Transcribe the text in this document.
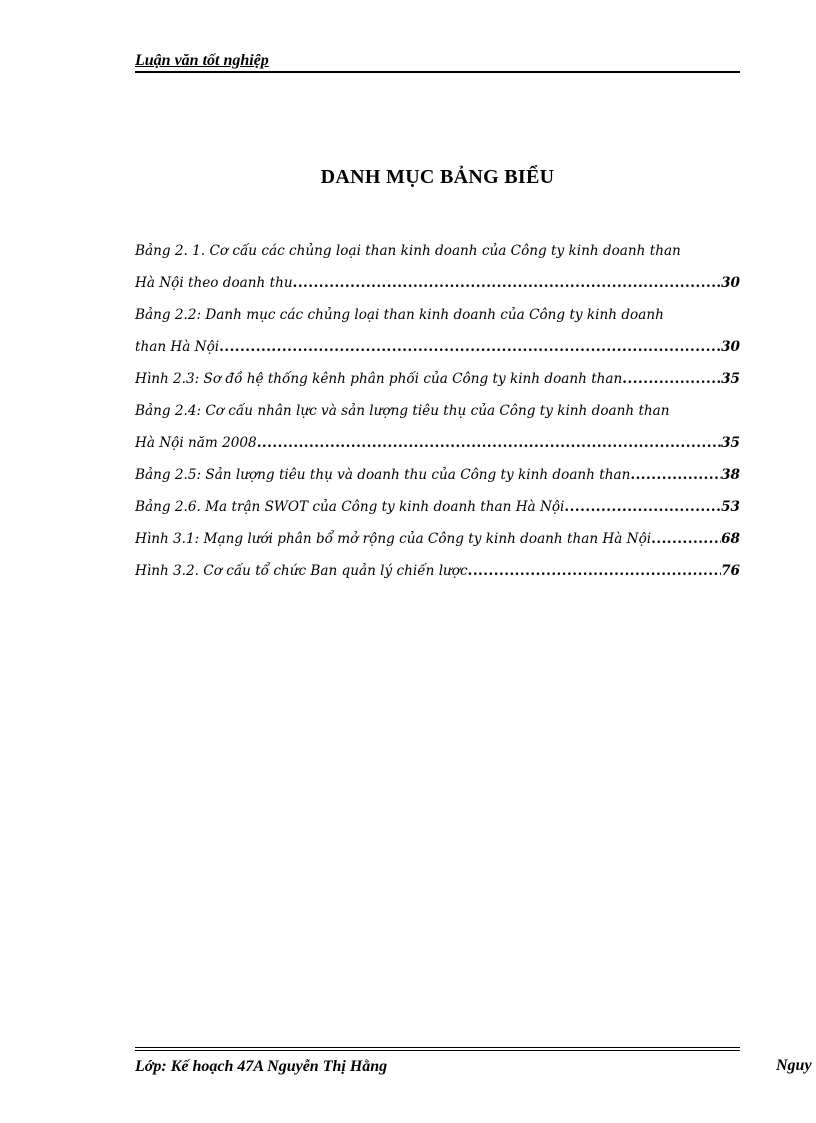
Luận văn tốt nghiệp
DANH MỤC BẢNG BIỂU
Bảng 2. 1. Cơ cấu các chủng loại than kinh doanh của Công ty kinh doanh than
Hà Nội theo doanh thu .....	30
Bảng 2.2: Danh mục các chủng loại than kinh doanh của Công ty kinh doanh
than Hà Nội .....	30
Hình 2.3: Sơ đồ hệ thống kênh phân phối của Công ty kinh doanh than .....	35
Bảng 2.4: Cơ cấu nhân lực và sản lượng tiêu thụ của Công ty kinh doanh than
Hà Nội năm 2008 .....	35
Bảng 2.5: Sản lượng tiêu thụ và doanh thu của Công ty kinh doanh than .....	38
Bảng 2.6. Ma trận SWOT của Công ty kinh doanh than Hà Nội .....	53
Hình 3.1: Mạng lưới phân bổ mở rộng của Công ty kinh doanh than Hà Nội .....	68
Hình 3.2. Cơ cấu tổ chức Ban quản lý chiến lược .....	76
Lớp: Kế hoạch 47A Nguyễn Thị Hằng	Nguy
